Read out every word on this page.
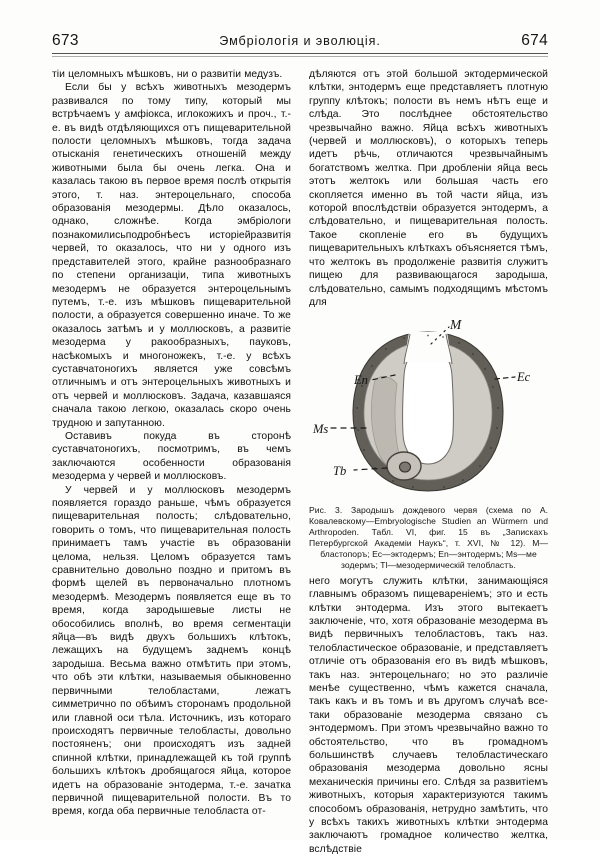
673	Эмбріологія и эволюція.	674

тіи целомныхъ мѣшковъ, ни о развитіи медузъ.

Если бы у всѣхъ животныхъ мезодермъ развивался по тому типу, который мы встрѣчаемъ у амфіокса, иглокожихъ и проч., т.-е. въ видѣ отдѣляющихся отъ пищеварительной полости целомныхъ мѣшковъ, тогда задача отысканія генетическихъ отношеній между животными была бы очень легка. Она и казалась такою въ первое время послѣ открытія этого, т. наз. энтероцельнаго, способа образованія мезодермы. Дѣло оказалось, однако, сложнѣе. Когда эмбріологи познакомилисьподробнѣесъ исторіейразвитія червей, то оказалось, что ни у одного изъ представителей этого, крайне разнообразнаго по степени организаціи, типа животныхъ мезодермъ не образуется энтероцельнымъ путемъ, т.-е. изъ мѣшковъ пищеварительной полости, а образуется совершенно иначе. То же оказалось затѣмъ и у моллюсковъ, а развитіе мезодерма у ракообразныхъ, пауковъ, насѣкомыхъ и многоножекъ, т.-е. у всѣхъ суставчатоногихъ является уже совсѣмъ отличнымъ и отъ энтероцельныхъ животныхъ и отъ червей и моллюсковъ. Задача, казавшаяся сначала такою легкою, оказалась скоро очень трудною и запутанною.

Оставивъ покуда въ сторонѣ суставчатоногихъ, посмотримъ, въ чемъ заключаются особенности образованія мезодерма у червей и моллюсковъ.

У червей и у моллюсковъ мезодермъ появляется гораздо раньше, чѣмъ образуется пищеварительная полость; слѣдовательно, говорить о томъ, что пищеварительная полость принимаетъ тамъ участіе въ образованіи целома, нельзя. Целомъ образуется тамъ сравнительно довольно поздно и притомъ въ формѣ щелей въ первоначально плотномъ мезодермѣ. Мезодермъ появляется еще въ то время, когда зародышевые листы не обособились вполнѣ, во время сегментаціи яйца—въ видѣ двухъ большихъ клѣтокъ, лежащихъ на будущемъ заднемъ концѣ зародыша. Весьма важно отмѣтить при этомъ, что обѣ эти клѣтки, называемыя обыкновенно первичными телобластами, лежатъ симметрично по обѣимъ сторонамъ продольной или главной оси тѣла. Источникъ, изъ котораго происходятъ первичные телобласты, довольно постояненъ; они происходятъ изъ задней спинной клѣтки, принадлежащей къ той группѣ большихъ клѣтокъ дробящагося яйца, которое идетъ на образованіе энтодерма, т.-е. зачатка первичной пищеварительной полости. Въ то время, когда оба первичные телобласта от-

дѣляются отъ этой большой эктодермической клѣтки, энтодермъ еще представляетъ плотную группу клѣтокъ; полости въ немъ нѣтъ еще и слѣда. Это послѣднее обстоятельство чрезвычайно важно. Яйца всѣхъ животныхъ (червей и моллюсковъ), о которыхъ теперь идетъ рѣчь, отличаются чрезвычайнымъ богатствомъ желтка. При дробленіи яйца весь этотъ желтокъ или большая часть его скопляется именно въ той части яйца, изъ которой впослѣдствіи образуется энтодермъ, а слѣдовательно, и пищеварительная полость. Такое скопленіе его въ будущихъ пищеварительныхъ клѣткахъ объясняется тѣмъ, что желтокъ въ продолженіе развитія служитъ пищею для развивающагося зародыша, слѣдовательно, самымъ подходящимъ мѣстомъ для

M
Ec
En
Ms
Tb
Рис. 3. Зародышъ дождевого червя (схема по А. Ковалевскому—Embryologische Studien an Würmern und Arthropoden. Табл. VI, фиг. 15 въ „Запискахъ Петербургской Академіи Наукъ“, т. XVI, № 12). М—бластопоръ; Ес—эктодермъ; Еn—энтодермъ; Ms—ме
зодермъ; Tl—мезодермическій телобластъ.

него могутъ служить клѣтки, занимающіяся главнымъ образомъ пищевареніемъ; это и есть клѣтки энтодерма. Изъ этого вытекаетъ заключеніе, что, хотя образованіе мезодерма въ видѣ первичныхъ телобластовъ, такъ наз. телобластическое образованіе, и представляетъ отличіе отъ образованія его въ видѣ мѣшковъ, такъ наз. энтероцельнаго; но это различіе менѣе существенно, чѣмъ кажется сначала, такъ какъ и въ томъ и въ другомъ случаѣ все-таки образованіе мезодерма связано съ энтодермомъ. При этомъ чрезвычайно важно то обстоятельство, что въ громадномъ большинствѣ случаевъ телобластическаго образованія мезодерма довольно ясны механическія причины его. Слѣдя за развитіемъ животныхъ, которыя характеризуются такимъ способомъ образованія, нетрудно замѣтить, что у всѣхъ такихъ животныхъ клѣтки энтодерма заключаютъ громадное количество желтка, вслѣдствіе
